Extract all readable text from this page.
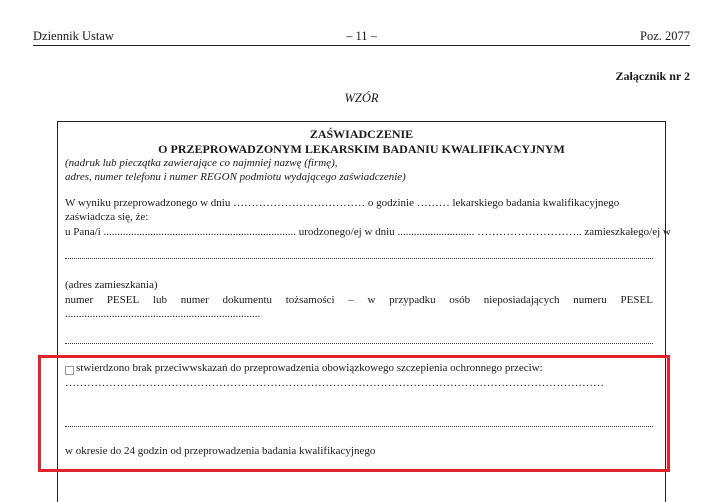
Dziennik Ustaw	– 11 –	Poz. 2077
Załącznik nr 2
WZÓR
ZAŚWIADCZENIE
O PRZEPROWADZONYM LEKARSKIM BADANIU KWALIFIKACYJNYM
(nadruk lub pieczątka zawierające co najmniej nazwę (firmę),
adres, numer telefonu i numer REGON podmiotu wydającego zaświadczenie)
W wyniku przeprowadzonego w dniu ……………………………… o godzinie ……… lekarskiego badania kwalifikacyjnego
zaświadcza się, że:
u Pana/i ...................................................................... urodzonego/ej w dniu ............................ ……………………….. zamieszkałego/ej w
(adres zamieszkania)
numer PESEL lub numer dokumentu tożsamości – w przypadku osób nieposiadających numeru PESEL
.......................................................................
stwierdzono brak przeciwwskazań do przeprowadzenia obowiązkowego szczepienia ochronnego przeciw:
…………………………………………………………………………………………………………………………………
w okresie do 24 godzin od przeprowadzenia badania kwalifikacyjnego
